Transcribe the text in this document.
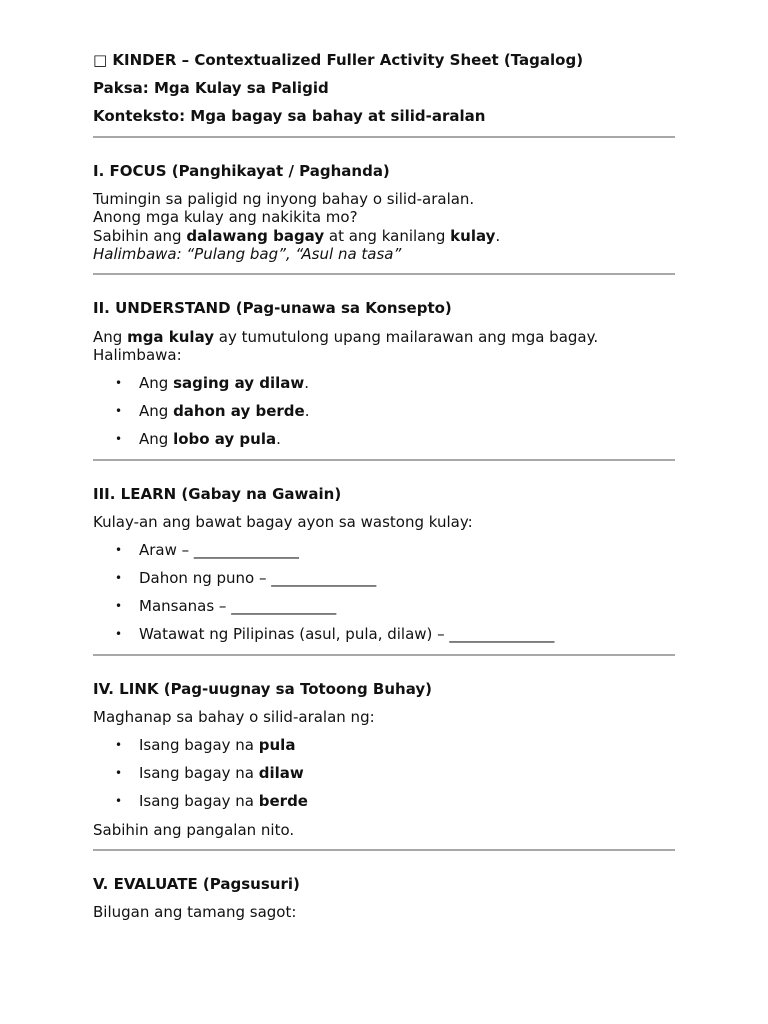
□ KINDER – Contextualized Fuller Activity Sheet (Tagalog)
Paksa: Mga Kulay sa Paligid
Konteksto: Mga bagay sa bahay at silid-aralan
I. FOCUS (Panghikayat / Paghanda)
Tumingin sa paligid ng inyong bahay o silid-aralan.
Anong mga kulay ang nakikita mo?
Sabihin ang dalawang bagay at ang kanilang kulay.
Halimbawa: “Pulang bag”, “Asul na tasa”
II. UNDERSTAND (Pag-unawa sa Konsepto)
Ang mga kulay ay tumutulong upang mailarawan ang mga bagay.
Halimbawa:
• Ang saging ay dilaw.
• Ang dahon ay berde.
• Ang lobo ay pula.
III. LEARN (Gabay na Gawain)
Kulay-an ang bawat bagay ayon sa wastong kulay:
• Araw – ______________
• Dahon ng puno – ______________
• Mansanas – ______________
• Watawat ng Pilipinas (asul, pula, dilaw) – ______________
IV. LINK (Pag-uugnay sa Totoong Buhay)
Maghanap sa bahay o silid-aralan ng:
• Isang bagay na pula
• Isang bagay na dilaw
• Isang bagay na berde
Sabihin ang pangalan nito.
V. EVALUATE (Pagsusuri)
Bilugan ang tamang sagot:
